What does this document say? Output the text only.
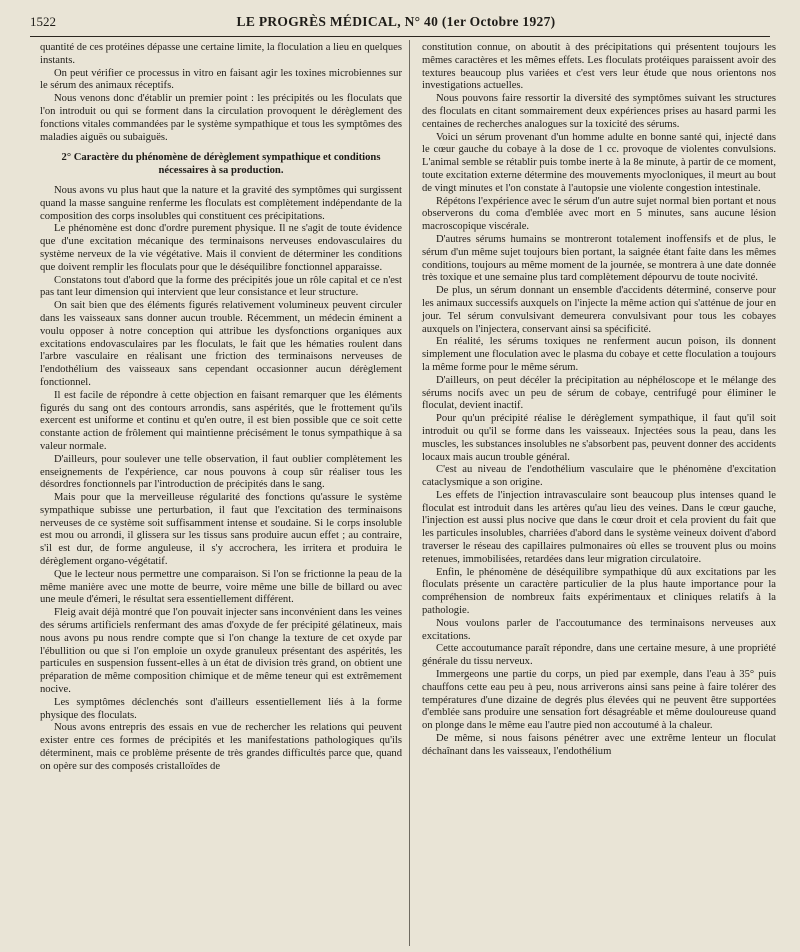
1522	LE PROGRÈS MÉDICAL, N° 40 (1er Octobre 1927)

quantité de ces protéines dépasse une certaine limite, la floculation a lieu en quelques instants.

On peut vérifier ce processus in vitro en faisant agir les toxines microbiennes sur le sérum des animaux réceptifs.

Nous venons donc d'établir un premier point : les précipités ou les floculats que l'on introduit ou qui se forment dans la circulation provoquent le dérèglement des fonctions vitales commandées par le système sympathique et tous les symptômes des maladies aiguës ou subaiguës.

2° Caractère du phénomène de dérèglement sympathique et conditions nécessaires à sa production.

Nous avons vu plus haut que la nature et la gravité des symptômes qui surgissent quand la masse sanguine renferme les floculats est complètement indépendante de la composition des corps insolubles qui constituent ces précipitations.

Le phénomène est donc d'ordre purement physique. Il ne s'agit de toute évidence que d'une excitation mécanique des terminaisons nerveuses endovasculaires du système nerveux de la vie végétative. Mais il convient de déterminer les conditions que doivent remplir les floculats pour que le déséquilibre fonctionnel apparaisse.

Constatons tout d'abord que la forme des précipités joue un rôle capital et ce n'est pas tant leur dimension qui intervient que leur consistance et leur structure.

On sait bien que des éléments figurés relativement volumineux peuvent circuler dans les vaisseaux sans donner aucun trouble. Récemment, un médecin éminent a voulu opposer à notre conception qui attribue les dysfonctions organiques aux excitations endovasculaires par les floculats, le fait que les hématies roulent dans l'arbre vasculaire en réalisant une friction des terminaisons nerveuses de l'endothélium des vaisseaux sans cependant occasionner aucun dérèglement fonctionnel.

Il est facile de répondre à cette objection en faisant remarquer que les éléments figurés du sang ont des contours arrondis, sans aspérités, que le frottement qu'ils exercent est uniforme et continu et qu'en outre, il est bien possible que ce soit cette constante action de frôlement qui maintienne précisément le tonus sympathique à sa valeur normale.

D'ailleurs, pour soulever une telle observation, il faut oublier complètement les enseignements de l'expérience, car nous pouvons à coup sûr réaliser tous les désordres fonctionnels par l'introduction de précipités dans le sang.

Mais pour que la merveilleuse régularité des fonctions qu'assure le système sympathique subisse une perturbation, il faut que l'excitation des terminaisons nerveuses de ce système soit suffisamment intense et soudaine. Si le corps insoluble est mou ou arrondi, il glissera sur les tissus sans produire aucun effet ; au contraire, s'il est dur, de forme anguleuse, il s'y accrochera, les irritera et produira le dérèglement organo-végétatif.

Que le lecteur nous permettre une comparaison. Si l'on se frictionne la peau de la même manière avec une motte de beurre, voire même une bille de billard ou avec une meule d'émeri, le résultat sera essentiellement différent.

Fleig avait déjà montré que l'on pouvait injecter sans inconvénient dans les veines des sérums artificiels renfermant des amas d'oxyde de fer précipité gélatineux, mais nous avons pu nous rendre compte que si l'on change la texture de cet oxyde par l'ébullition ou que si l'on emploie un oxyde granuleux présentant des aspérités, les particules en suspension fussent-elles à un état de division très grand, on obtient une préparation de même composition chimique et de même teneur qui est extrêmement nocive.

Les symptômes déclenchés sont d'ailleurs essentiellement liés à la forme physique des floculats.

Nous avons entrepris des essais en vue de rechercher les relations qui peuvent exister entre ces formes de précipités et les manifestations pathologiques qu'ils déterminent, mais ce problème présente de très grandes difficultés parce que, quand on opère sur des composés cristalloïdes de

constitution connue, on aboutit à des précipitations qui présentent toujours les mêmes caractères et les mêmes effets. Les floculats protéiques paraissent avoir des textures beaucoup plus variées et c'est vers leur étude que nous orientons nos investigations actuelles.

Nous pouvons faire ressortir la diversité des symptômes suivant les structures des floculats en citant sommairement deux expériences prises au hasard parmi les centaines de recherches analogues sur la toxicité des sérums.

Voici un sérum provenant d'un homme adulte en bonne santé qui, injecté dans le cœur gauche du cobaye à la dose de 1 cc. provoque de violentes convulsions. L'animal semble se rétablir puis tombe inerte à la 8e minute, à partir de ce moment, toute excitation externe détermine des mouvements myocloniques, il meurt au bout de vingt minutes et l'on constate à l'autopsie une violente congestion intestinale.

Répétons l'expérience avec le sérum d'un autre sujet normal bien portant et nous observerons du coma d'emblée avec mort en 5 minutes, sans aucune lésion macroscopique viscérale.

D'autres sérums humains se montreront totalement inoffensifs et de plus, le sérum d'un même sujet toujours bien portant, la saignée étant faite dans les mêmes conditions, toujours au même moment de la journée, se montrera à une date donnée très toxique et une semaine plus tard complètement dépourvu de toute nocivité.

De plus, un sérum donnant un ensemble d'accidents déterminé, conserve pour les animaux successifs auxquels on l'injecte la même action qui s'atténue de jour en jour. Tel sérum convulsivant demeurera convulsivant pour tous les cobayes auxquels on l'injectera, conservant ainsi sa spécificité.

En réalité, les sérums toxiques ne renferment aucun poison, ils donnent simplement une floculation avec le plasma du cobaye et cette floculation a toujours la même forme pour le même sérum.

D'ailleurs, on peut décéler la précipitation au néphéloscope et le mélange des sérums nocifs avec un peu de sérum de cobaye, centrifugé pour éliminer le floculat, devient inactif.

Pour qu'un précipité réalise le dérèglement sympathique, il faut qu'il soit introduit ou qu'il se forme dans les vaisseaux. Injectées sous la peau, dans les muscles, les substances insolubles ne s'absorbent pas, peuvent donner des accidents locaux mais aucun trouble général.

C'est au niveau de l'endothélium vasculaire que le phénomène d'excitation cataclysmique a son origine.

Les effets de l'injection intravasculaire sont beaucoup plus intenses quand le floculat est introduit dans les artères qu'au lieu des veines. Dans le cœur gauche, l'injection est aussi plus nocive que dans le cœur droit et cela provient du fait que les particules insolubles, charriées d'abord dans le système veineux doivent d'abord traverser le réseau des capillaires pulmonaires où elles se trouvent plus ou moins retenues, immobilisées, retardées dans leur migration circulatoire.

Enfin, le phénomène de déséquilibre sympathique dû aux excitations par les floculats présente un caractère particulier de la plus haute importance pour la compréhension de nombreux faits expérimentaux et cliniques relatifs à la pathologie.

Nous voulons parler de l'accoutumance des terminaisons nerveuses aux excitations.

Cette accoutumance paraît répondre, dans une certaine mesure, à une propriété générale du tissu nerveux.

Immergeons une partie du corps, un pied par exemple, dans l'eau à 35° puis chauffons cette eau peu à peu, nous arriverons ainsi sans peine à faire tolérer des températures d'une dizaine de degrés plus élevées qui ne peuvent être supportées d'emblée sans produire une sensation fort désagréable et même douloureuse quand on plonge dans le même eau l'autre pied non accoutumé à la chaleur.

De même, si nous faisons pénétrer avec une extrême lenteur un floculat déchaînant dans les vaisseaux, l'endothélium
